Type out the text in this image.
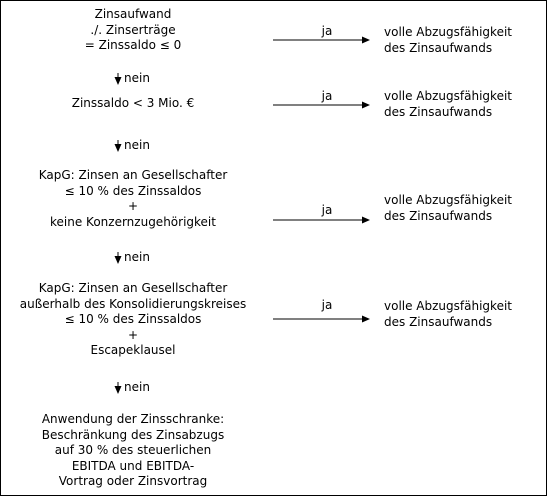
Zinsaufwand
./. Zinserträge
= Zinssaldo ≤ 0
ja	volle Abzugsfähigkeit
des Zinsaufwands
nein
Zinssaldo < 3 Mio. €	ja	volle Abzugsfähigkeit
des Zinsaufwands
nein
KapG: Zinsen an Gesellschafter
≤ 10 % des Zinssaldos
+
keine Konzernzugehörigkeit
ja
volle Abzugsfähigkeit
des Zinsaufwands
nein
KapG: Zinsen an Gesellschafter
außerhalb des Konsolidierungskreises
≤ 10 % des Zinssaldos
+
Escapeklausel
ja	volle Abzugsfähigkeit
des Zinsaufwands
nein
Anwendung der Zinsschranke:
Beschränkung des Zinsabzugs
auf 30 % des steuerlichen
EBITDA und EBITDA-
Vortrag oder Zinsvortrag
